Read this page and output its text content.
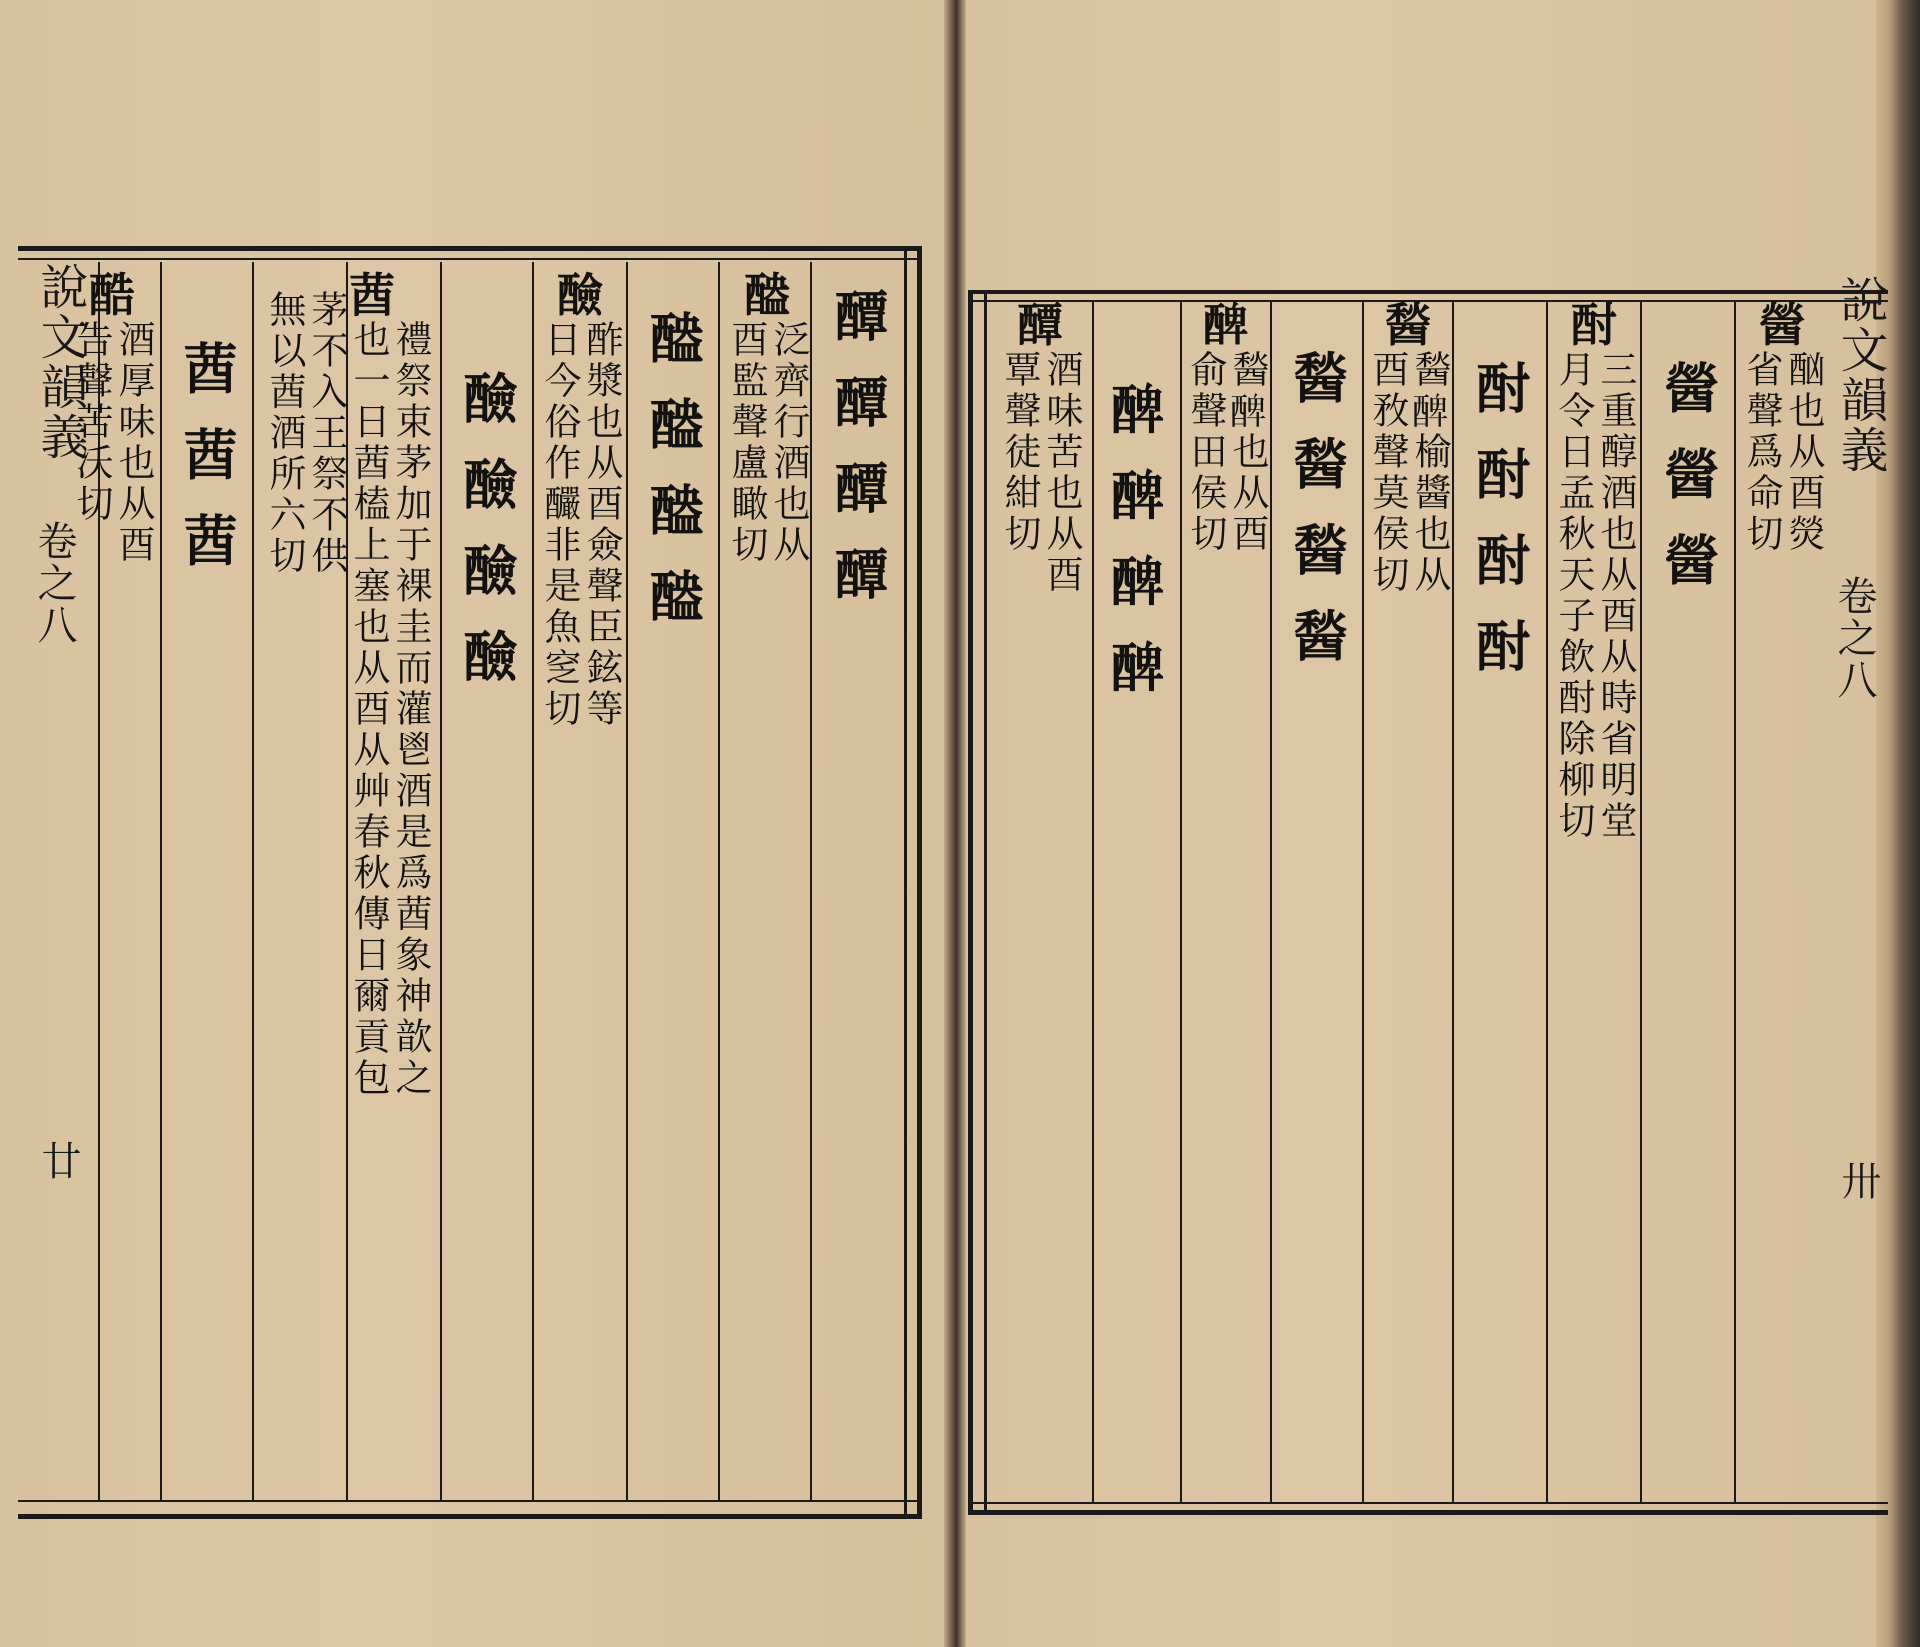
說文韻義
卷之八
廿
說文韻義
卷之八
卅
醰醰醰醰
醠
泛齊行酒也从
酉監聲盧瞰切
醠醠醠醠
醶
酢漿也从酉僉聲臣鉉等
日今俗作釅非是魚窆切
醶醶醶醶
莤
禮祭束茅加于裸圭而灌鬯酒是爲莤象神歆之
也一日莤榼上塞也从酉从艸春秋傳日爾貢包
茅不入王祭不供
無以莤酒所六切
莤莤莤
酷
酒厚味也从酉
告聲苦沃切	醟
酗也从酉熒
省聲爲命切
醟醟醟
酎
三重醇酒也从酉从時省明堂
月令日孟秋天子飲酎除柳切
酎酎酎酎
醔
醔𨡕榆醬也从
酉敄聲莫侯切
醔醔醔醔
𨡕
醔𨡕也从酉
俞聲田侯切
𨡕𨡕𨡕𨡕
醰
酒味苦也从酉
覃聲徒紺切
